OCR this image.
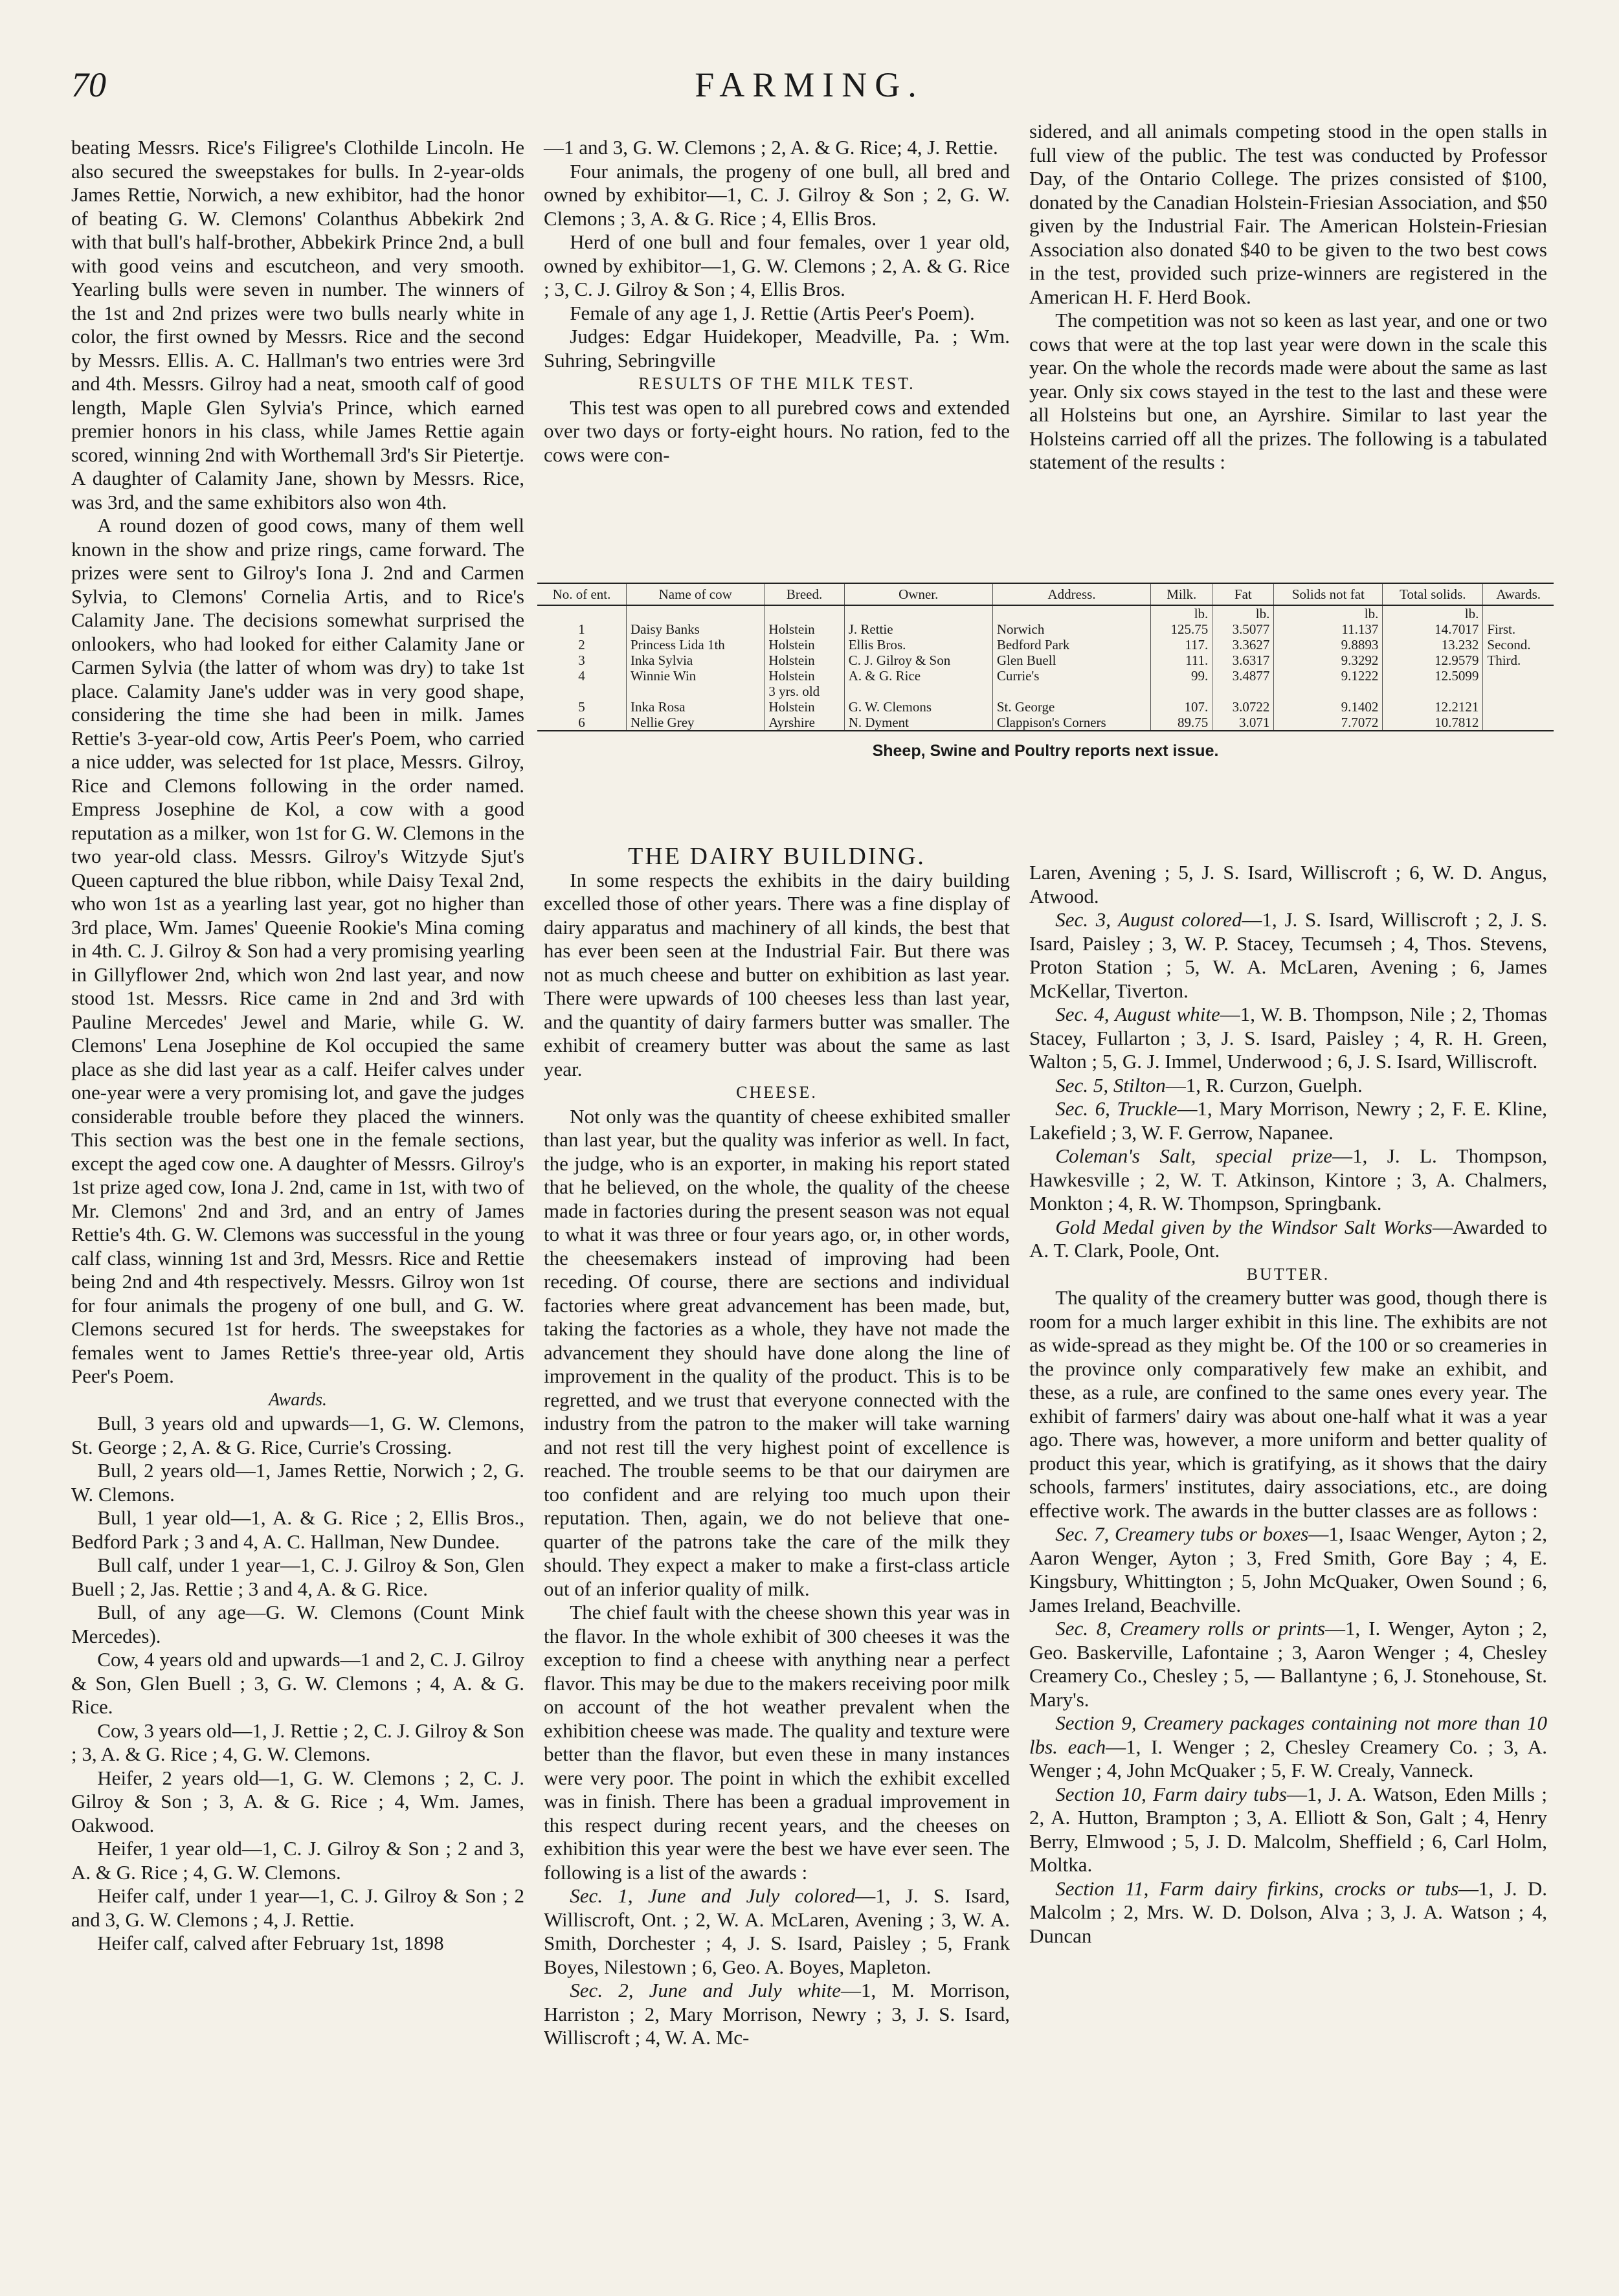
70	FARMING.

beating Messrs. Rice's Filigree's Clothilde Lincoln. He also secured the sweepstakes for bulls. In 2-year-olds James Rettie, Norwich, a new exhibitor, had the honor of beating G. W. Clemons' Colanthus Abbekirk 2nd with that bull's half-brother, Abbekirk Prince 2nd, a bull with good veins and escutcheon, and very smooth. Yearling bulls were seven in number. The winners of the 1st and 2nd prizes were two bulls nearly white in color, the first owned by Messrs. Rice and the second by Messrs. Ellis. A. C. Hallman's two entries were 3rd and 4th. Messrs. Gilroy had a neat, smooth calf of good length, Maple Glen Sylvia's Prince, which earned premier honors in his class, while James Rettie again scored, winning 2nd with Worthemall 3rd's Sir Pietertje. A daughter of Calamity Jane, shown by Messrs. Rice, was 3rd, and the same exhibitors also won 4th.

A round dozen of good cows, many of them well known in the show and prize rings, came forward. The prizes were sent to Gilroy's Iona J. 2nd and Carmen Sylvia, to Clemons' Cornelia Artis, and to Rice's Calamity Jane. The decisions somewhat surprised the onlookers, who had looked for either Calamity Jane or Carmen Sylvia (the latter of whom was dry) to take 1st place. Calamity Jane's udder was in very good shape, considering the time she had been in milk. James Rettie's 3-year-old cow, Artis Peer's Poem, who carried a nice udder, was selected for 1st place, Messrs. Gilroy, Rice and Clemons following in the order named. Empress Josephine de Kol, a cow with a good reputation as a milker, won 1st for G. W. Clemons in the two year-old class. Messrs. Gilroy's Witzyde Sjut's Queen captured the blue ribbon, while Daisy Texal 2nd, who won 1st as a yearling last year, got no higher than 3rd place, Wm. James' Queenie Rookie's Mina coming in 4th. C. J. Gilroy & Son had a very promising yearling in Gillyflower 2nd, which won 2nd last year, and now stood 1st. Messrs. Rice came in 2nd and 3rd with Pauline Mercedes' Jewel and Marie, while G. W. Clemons' Lena Josephine de Kol occupied the same place as she did last year as a calf. Heifer calves under one-year were a very promising lot, and gave the judges considerable trouble before they placed the winners. This section was the best one in the female sections, except the aged cow one. A daughter of Messrs. Gilroy's 1st prize aged cow, Iona J. 2nd, came in 1st, with two of Mr. Clemons' 2nd and 3rd, and an entry of James Rettie's 4th. G. W. Clemons was successful in the young calf class, winning 1st and 3rd, Messrs. Rice and Rettie being 2nd and 4th respectively. Messrs. Gilroy won 1st for four animals the progeny of one bull, and G. W. Clemons secured 1st for herds. The sweepstakes for females went to James Rettie's three-year old, Artis Peer's Poem.

Awards.

Bull, 3 years old and upwards—1, G. W. Clemons, St. George ; 2, A. & G. Rice, Currie's Crossing.

Bull, 2 years old—1, James Rettie, Norwich ; 2, G. W. Clemons.

Bull, 1 year old—1, A. & G. Rice ; 2, Ellis Bros., Bedford Park ; 3 and 4, A. C. Hallman, New Dundee.

Bull calf, under 1 year—1, C. J. Gilroy & Son, Glen Buell ; 2, Jas. Rettie ; 3 and 4, A. & G. Rice.

Bull, of any age—G. W. Clemons (Count Mink Mercedes).

Cow, 4 years old and upwards—1 and 2, C. J. Gilroy & Son, Glen Buell ; 3, G. W. Clemons ; 4, A. & G. Rice.

Cow, 3 years old—1, J. Rettie ; 2, C. J. Gilroy & Son ; 3, A. & G. Rice ; 4, G. W. Clemons.

Heifer, 2 years old—1, G. W. Clemons ; 2, C. J. Gilroy & Son ; 3, A. & G. Rice ; 4, Wm. James, Oakwood.

Heifer, 1 year old—1, C. J. Gilroy & Son ; 2 and 3, A. & G. Rice ; 4, G. W. Clemons.

Heifer calf, under 1 year—1, C. J. Gilroy & Son ; 2 and 3, G. W. Clemons ; 4, J. Rettie.

Heifer calf, calved after February 1st, 1898

—1 and 3, G. W. Clemons ; 2, A. & G. Rice; 4, J. Rettie.

Four animals, the progeny of one bull, all bred and owned by exhibitor—1, C. J. Gilroy & Son ; 2, G. W. Clemons ; 3, A. & G. Rice ; 4, Ellis Bros.

Herd of one bull and four females, over 1 year old, owned by exhibitor—1, G. W. Clemons ; 2, A. & G. Rice ; 3, C. J. Gilroy & Son ; 4, Ellis Bros.

Female of any age 1, J. Rettie (Artis Peer's Poem).

Judges: Edgar Huidekoper, Meadville, Pa. ; Wm. Suhring, Sebringville

RESULTS OF THE MILK TEST.

This test was open to all purebred cows and extended over two days or forty-eight hours. No ration, fed to the cows were con-

sidered, and all animals competing stood in the open stalls in full view of the public. The test was conducted by Professor Day, of the Ontario College. The prizes consisted of $100, donated by the Canadian Holstein-Friesian Association, and $50 given by the Industrial Fair. The American Holstein-Friesian Association also donated $40 to be given to the two best cows in the test, provided such prize-winners are registered in the American H. F. Herd Book.

The competition was not so keen as last year, and one or two cows that were at the top last year were down in the scale this year. On the whole the records made were about the same as last year. Only six cows stayed in the test to the last and these were all Holsteins but one, an Ayrshire. Similar to last year the Holsteins carried off all the prizes. The following is a tabulated statement of the results :

No. of ent.	Name of cow	Breed.	Owner.	Address.	Milk.	Fat	Solids not fat	Total solids.	Awards.
					lb.	lb.	lb.	lb.	
1	Daisy Banks	Holstein	J. Rettie	Norwich	125.75	3.5077	11.137	14.7017	First.
2	Princess Lida 1th	Holstein	Ellis Bros.	Bedford Park	117.	3.3627	9.8893	13.232	Second.
3	Inka Sylvia	Holstein	C. J. Gilroy & Son	Glen Buell	111.	3.6317	9.3292	12.9579	Third.
4	Winnie Win	Holstein	A. & G. Rice	Currie's	99.	3.4877	9.1222	12.5099	
		3 yrs. old							
5	Inka Rosa	Holstein	G. W. Clemons	St. George	107.	3.0722	9.1402	12.2121	
6	Nellie Grey	Ayrshire	N. Dyment	Clappison's Corners	89.75	3.071	7.7072	10.7812	
Sheep, Swine and Poultry reports next issue.

THE DAIRY BUILDING.

In some respects the exhibits in the dairy building excelled those of other years. There was a fine display of dairy apparatus and machinery of all kinds, the best that has ever been seen at the Industrial Fair. But there was not as much cheese and butter on exhibition as last year. There were upwards of 100 cheeses less than last year, and the quantity of dairy farmers butter was smaller. The exhibit of creamery butter was about the same as last year.

CHEESE.

Not only was the quantity of cheese exhibited smaller than last year, but the quality was inferior as well. In fact, the judge, who is an exporter, in making his report stated that he believed, on the whole, the quality of the cheese made in factories during the present season was not equal to what it was three or four years ago, or, in other words, the cheesemakers instead of improving had been receding. Of course, there are sections and individual factories where great advancement has been made, but, taking the factories as a whole, they have not made the advancement they should have done along the line of improvement in the quality of the product. This is to be regretted, and we trust that everyone connected with the industry from the patron to the maker will take warning and not rest till the very highest point of excellence is reached. The trouble seems to be that our dairymen are too confident and are relying too much upon their reputation. Then, again, we do not believe that one-quarter of the patrons take the care of the milk they should. They expect a maker to make a first-class article out of an inferior quality of milk.

The chief fault with the cheese shown this year was in the flavor. In the whole exhibit of 300 cheeses it was the exception to find a cheese with anything near a perfect flavor. This may be due to the makers receiving poor milk on account of the hot weather prevalent when the exhibition cheese was made. The quality and texture were better than the flavor, but even these in many instances were very poor. The point in which the exhibit excelled was in finish. There has been a gradual improvement in this respect during recent years, and the cheeses on exhibition this year were the best we have ever seen. The following is a list of the awards :

Sec. 1, June and July colored—1, J. S. Isard, Williscroft, Ont. ; 2, W. A. McLaren, Avening ; 3, W. A. Smith, Dorchester ; 4, J. S. Isard, Paisley ; 5, Frank Boyes, Nilestown ; 6, Geo. A. Boyes, Mapleton.

Sec. 2, June and July white—1, M. Morrison, Harriston ; 2, Mary Morrison, Newry ; 3, J. S. Isard, Williscroft ; 4, W. A. Mc-

Laren, Avening ; 5, J. S. Isard, Williscroft ; 6, W. D. Angus, Atwood.

Sec. 3, August colored—1, J. S. Isard, Williscroft ; 2, J. S. Isard, Paisley ; 3, W. P. Stacey, Tecumseh ; 4, Thos. Stevens, Proton Station ; 5, W. A. McLaren, Avening ; 6, James McKellar, Tiverton.

Sec. 4, August white—1, W. B. Thompson, Nile ; 2, Thomas Stacey, Fullarton ; 3, J. S. Isard, Paisley ; 4, R. H. Green, Walton ; 5, G. J. Immel, Underwood ; 6, J. S. Isard, Williscroft.

Sec. 5, Stilton—1, R. Curzon, Guelph.

Sec. 6, Truckle—1, Mary Morrison, Newry ; 2, F. E. Kline, Lakefield ; 3, W. F. Gerrow, Napanee.

Coleman's Salt, special prize—1, J. L. Thompson, Hawkesville ; 2, W. T. Atkinson, Kintore ; 3, A. Chalmers, Monkton ; 4, R. W. Thompson, Springbank.

Gold Medal given by the Windsor Salt Works—Awarded to A. T. Clark, Poole, Ont.

BUTTER.

The quality of the creamery butter was good, though there is room for a much larger exhibit in this line. The exhibits are not as wide-spread as they might be. Of the 100 or so creameries in the province only comparatively few make an exhibit, and these, as a rule, are confined to the same ones every year. The exhibit of farmers' dairy was about one-half what it was a year ago. There was, however, a more uniform and better quality of product this year, which is gratifying, as it shows that the dairy schools, farmers' institutes, dairy associations, etc., are doing effective work. The awards in the butter classes are as follows :

Sec. 7, Creamery tubs or boxes—1, Isaac Wenger, Ayton ; 2, Aaron Wenger, Ayton ; 3, Fred Smith, Gore Bay ; 4, E. Kingsbury, Whittington ; 5, John McQuaker, Owen Sound ; 6, James Ireland, Beachville.

Sec. 8, Creamery rolls or prints—1, I. Wenger, Ayton ; 2, Geo. Baskerville, Lafontaine ; 3, Aaron Wenger ; 4, Chesley Creamery Co., Chesley ; 5, — Ballantyne ; 6, J. Stonehouse, St. Mary's.

Section 9, Creamery packages containing not more than 10 lbs. each—1, I. Wenger ; 2, Chesley Creamery Co. ; 3, A. Wenger ; 4, John McQuaker ; 5, F. W. Crealy, Vanneck.

Section 10, Farm dairy tubs—1, J. A. Watson, Eden Mills ; 2, A. Hutton, Brampton ; 3, A. Elliott & Son, Galt ; 4, Henry Berry, Elmwood ; 5, J. D. Malcolm, Sheffield ; 6, Carl Holm, Moltka.

Section 11, Farm dairy firkins, crocks or tubs—1, J. D. Malcolm ; 2, Mrs. W. D. Dolson, Alva ; 3, J. A. Watson ; 4, Duncan
